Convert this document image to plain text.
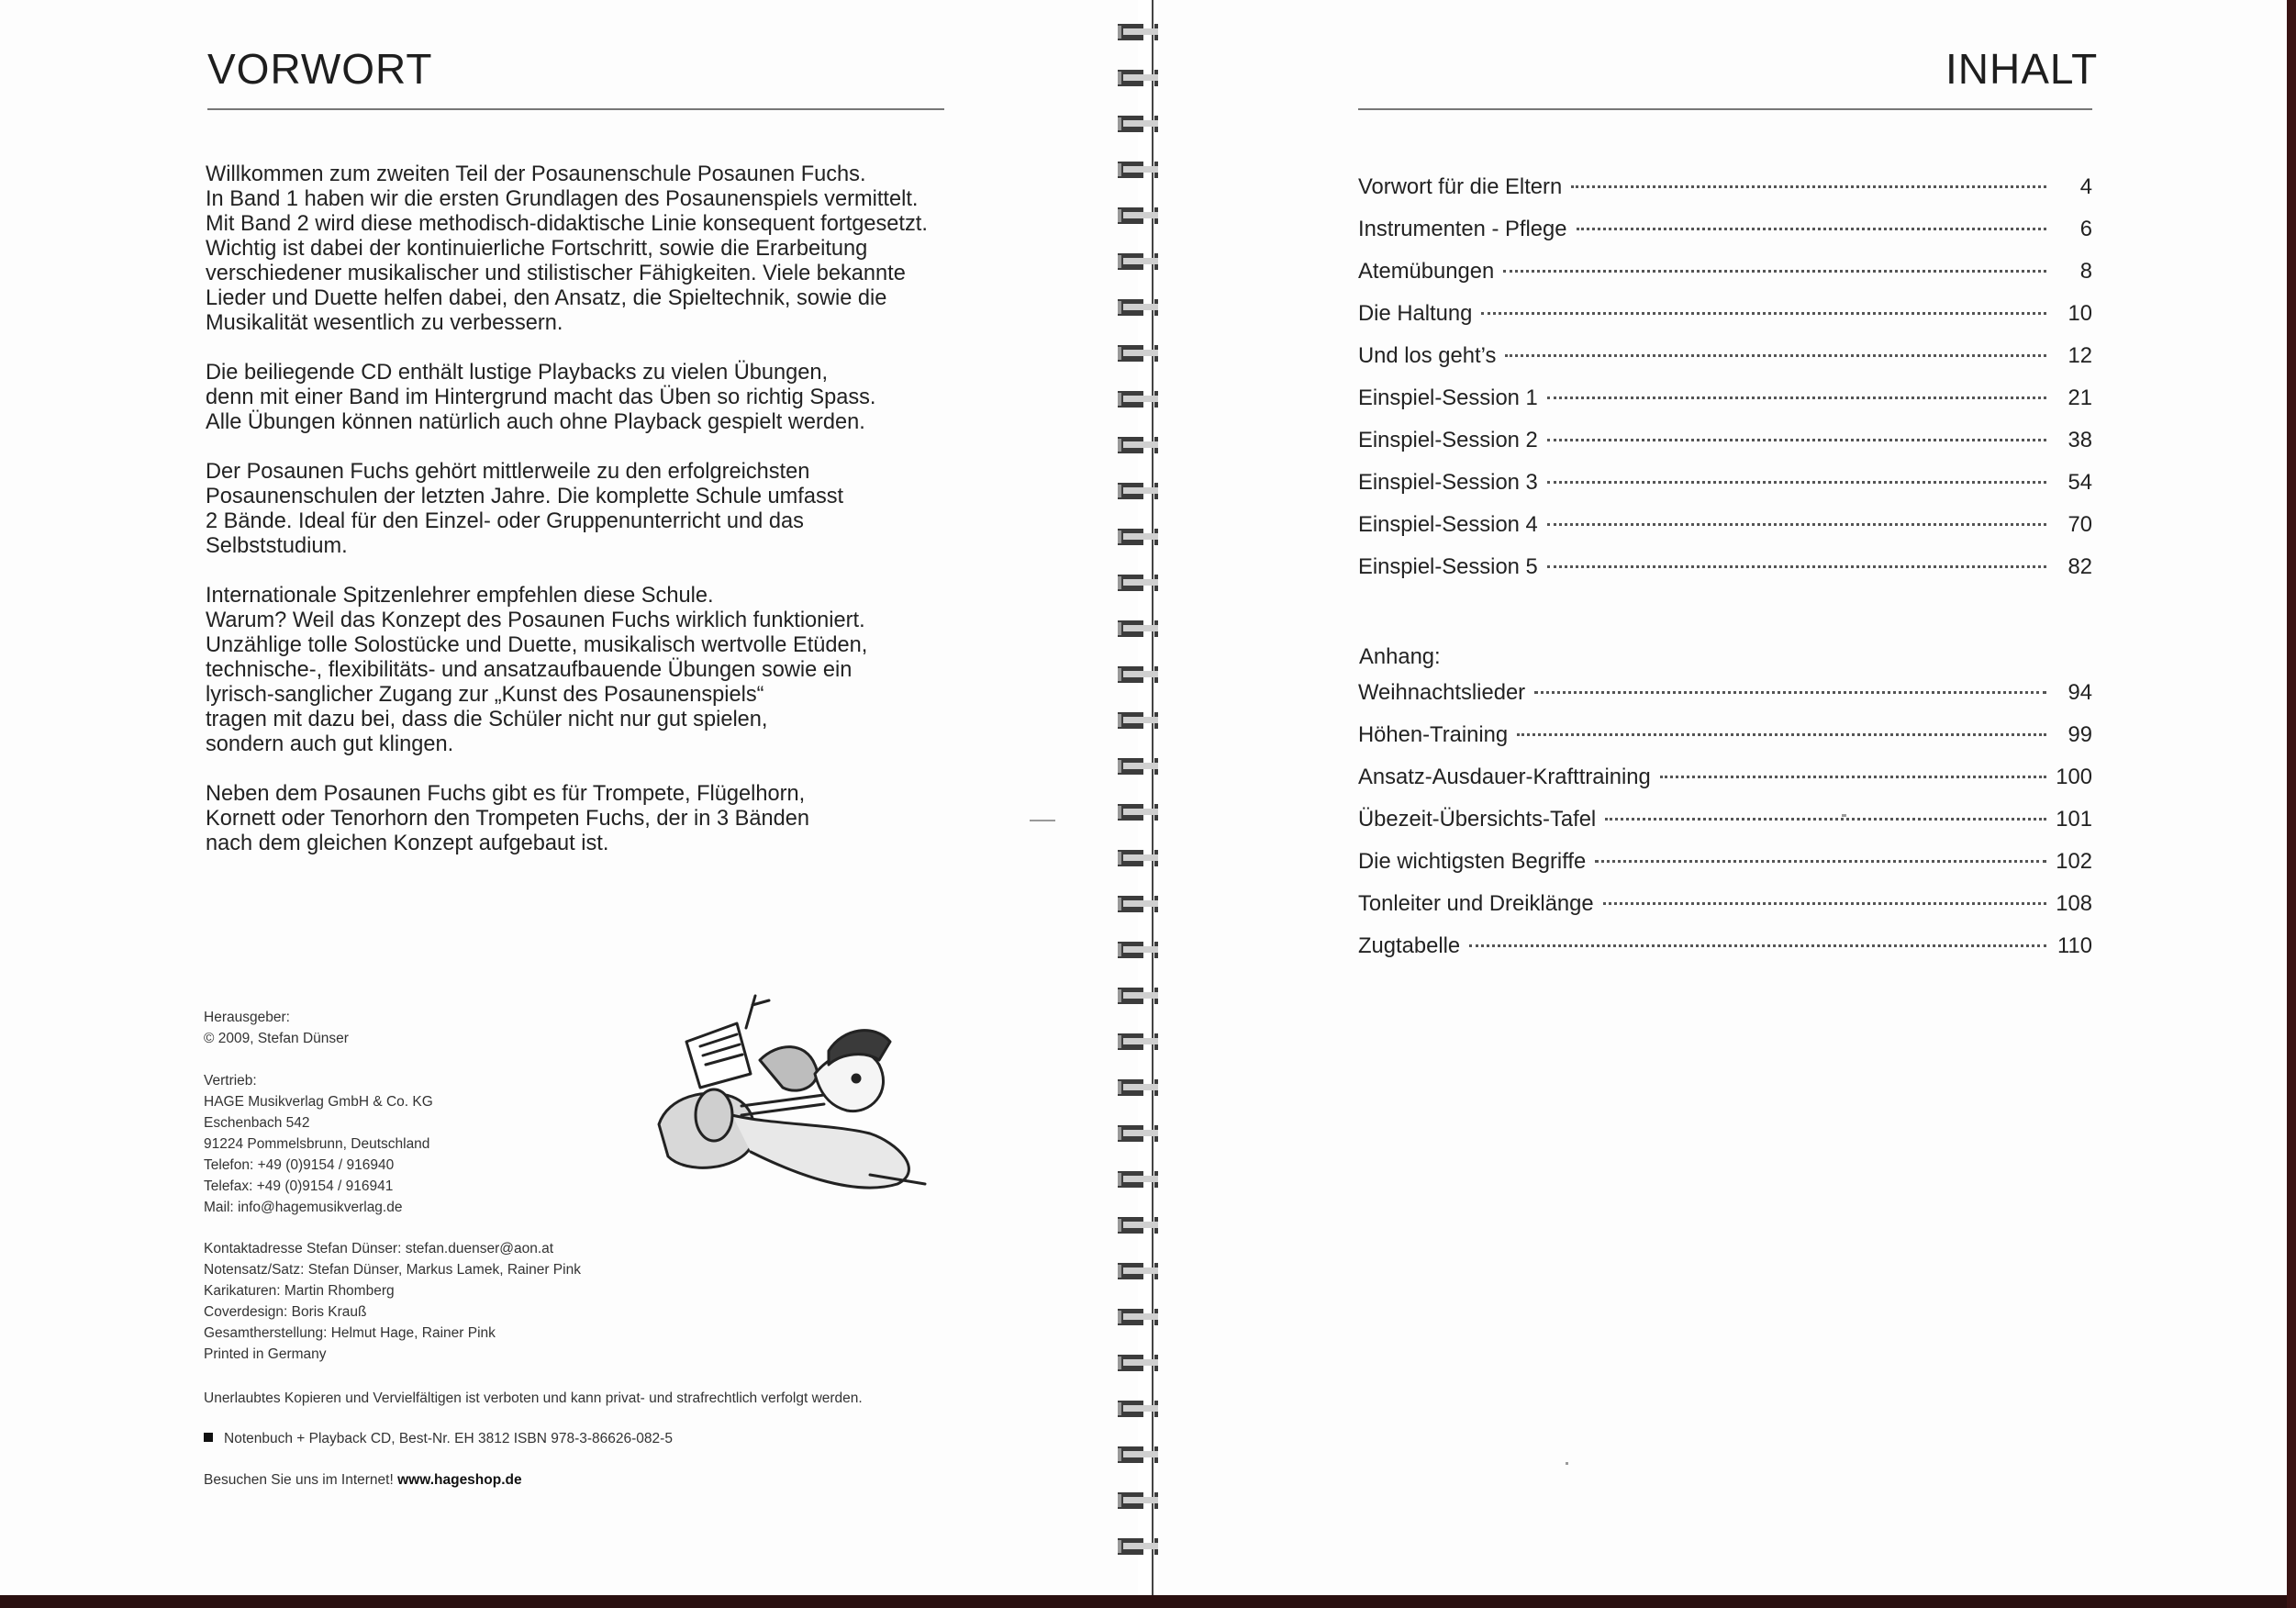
VORWORT

Willkommen zum zweiten Teil der Posaunenschule Posaunen Fuchs.
In Band 1 haben wir die ersten Grundlagen des Posaunenspiels vermittelt.
Mit Band 2 wird diese methodisch-didaktische Linie konsequent fortgesetzt.
Wichtig ist dabei der kontinuierliche Fortschritt, sowie die Erarbeitung
verschiedener musikalischer und stilistischer Fähigkeiten. Viele bekannte
Lieder und Duette helfen dabei, den Ansatz, die Spieltechnik, sowie die
Musikalität wesentlich zu verbessern.

Die beiliegende CD enthält lustige Playbacks zu vielen Übungen,
denn mit einer Band im Hintergrund macht das Üben so richtig Spass.
Alle Übungen können natürlich auch ohne Playback gespielt werden.

Der Posaunen Fuchs gehört mittlerweile zu den erfolgreichsten
Posaunenschulen der letzten Jahre. Die komplette Schule umfasst
2 Bände. Ideal für den Einzel- oder Gruppenunterricht und das
Selbststudium.

Internationale Spitzenlehrer empfehlen diese Schule.
Warum? Weil das Konzept des Posaunen Fuchs wirklich funktioniert.
Unzählige tolle Solostücke und Duette, musikalisch wertvolle Etüden,
technische-, flexibilitäts- und ansatzaufbauende Übungen sowie ein
lyrisch-sanglicher Zugang zur „Kunst des Posaunenspiels“
tragen mit dazu bei, dass die Schüler nicht nur gut spielen,
sondern auch gut klingen.

Neben dem Posaunen Fuchs gibt es für Trompete, Flügelhorn,
Kornett oder Tenorhorn den Trompeten Fuchs, der in 3 Bänden
nach dem gleichen Konzept aufgebaut ist.

Herausgeber:
© 2009, Stefan Dünser

Vertrieb:
HAGE Musikverlag GmbH & Co. KG
Eschenbach 542
91224 Pommelsbrunn, Deutschland
Telefon: +49 (0)9154 / 916940
Telefax: +49 (0)9154 / 916941
Mail: info@hagemusikverlag.de

Kontaktadresse Stefan Dünser: stefan.duenser@aon.at
Notensatz/Satz: Stefan Dünser, Markus Lamek, Rainer Pink
Karikaturen: Martin Rhomberg
Coverdesign: Boris Krauß
Gesamtherstellung: Helmut Hage, Rainer Pink
Printed in Germany

Unerlaubtes Kopieren und Vervielfältigen ist verboten und kann privat- und strafrechtlich verfolgt werden.

Notenbuch + Playback CD, Best-Nr. EH 3812 ISBN 978-3-86626-082-5
Besuchen Sie uns im Internet! www.hageshop.de
INHALT
Vorwort für die Eltern	4
Instrumenten - Pflege	6
Atemübungen	8
Die Haltung	10
Und los geht’s	12
Einspiel-Session 1	21
Einspiel-Session 2	38
Einspiel-Session 3	54
Einspiel-Session 4	70
Einspiel-Session 5	82
Anhang:
Weihnachtslieder	94
Höhen-Training	99
Ansatz-Ausdauer-Krafttraining	100
Übezeit-Übersichts-Tafel	101
Die wichtigsten Begriffe	102
Tonleiter und Dreiklänge	108
Zugtabelle	110
